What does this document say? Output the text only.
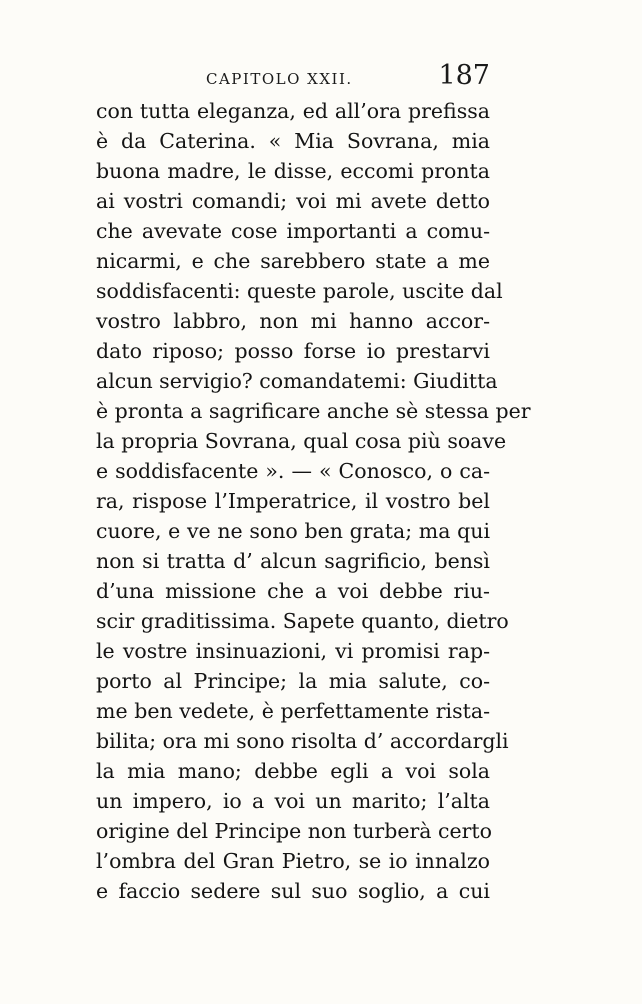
CAPITOLO XXII.	187
con tutta eleganza, ed all’ora prefissa
è da Caterina. « Mia Sovrana, mia
buona madre, le disse, eccomi pronta
ai vostri comandi; voi mi avete detto
che avevate cose importanti a comu-
nicarmi, e che sarebbero state a me
soddisfacenti: queste parole, uscite dal
vostro labbro, non mi hanno accor-
dato riposo; posso forse io prestarvi
alcun servigio? comandatemi: Giuditta
è pronta a sagrificare anche sè stessa per
la propria Sovrana, qual cosa più soave
e soddisfacente ». — « Conosco, o ca-
ra, rispose l’Imperatrice, il vostro bel
cuore, e ve ne sono ben grata; ma qui
non si tratta d’ alcun sagrificio, bensì
d’una missione che a voi debbe riu-
scir graditissima. Sapete quanto, dietro
le vostre insinuazioni, vi promisi rap-
porto al Principe; la mia salute, co-
me ben vedete, è perfettamente rista-
bilita; ora mi sono risolta d’ accordargli
la mia mano; debbe egli a voi sola
un impero, io a voi un marito; l’alta
origine del Principe non turberà certo
l’ombra del Gran Pietro, se io innalzo
e faccio sedere sul suo soglio, a cui
